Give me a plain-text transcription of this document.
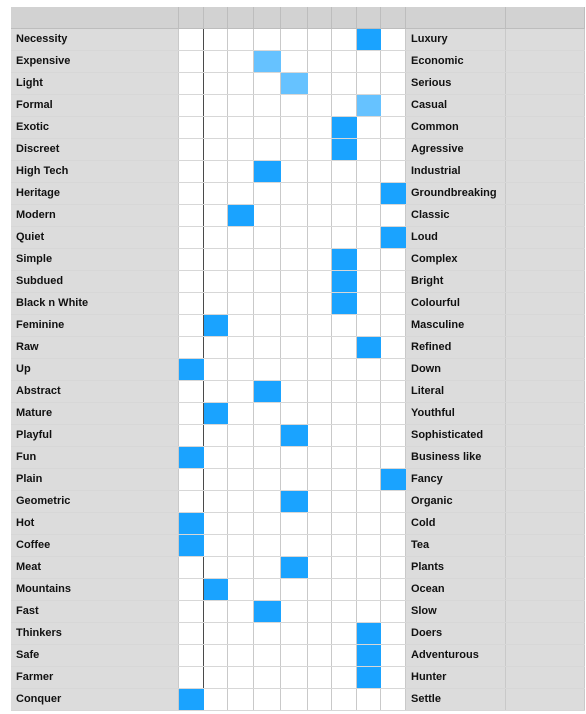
Necessity	Luxury
Expensive	Economic
Light	Serious
Formal	Casual
Exotic	Common
Discreet	Agressive
High Tech	Industrial
Heritage	Groundbreaking
Modern	Classic
Quiet	Loud
Simple	Complex
Subdued	Bright
Black n White	Colourful
Feminine	Masculine
Raw	Refined
Up	Down
Abstract	Literal
Mature	Youthful
Playful	Sophisticated
Fun	Business like
Plain	Fancy
Geometric	Organic
Hot	Cold
Coffee	Tea
Meat	Plants
Mountains	Ocean
Fast	Slow
Thinkers	Doers
Safe	Adventurous
Farmer	Hunter
Conquer	Settle
